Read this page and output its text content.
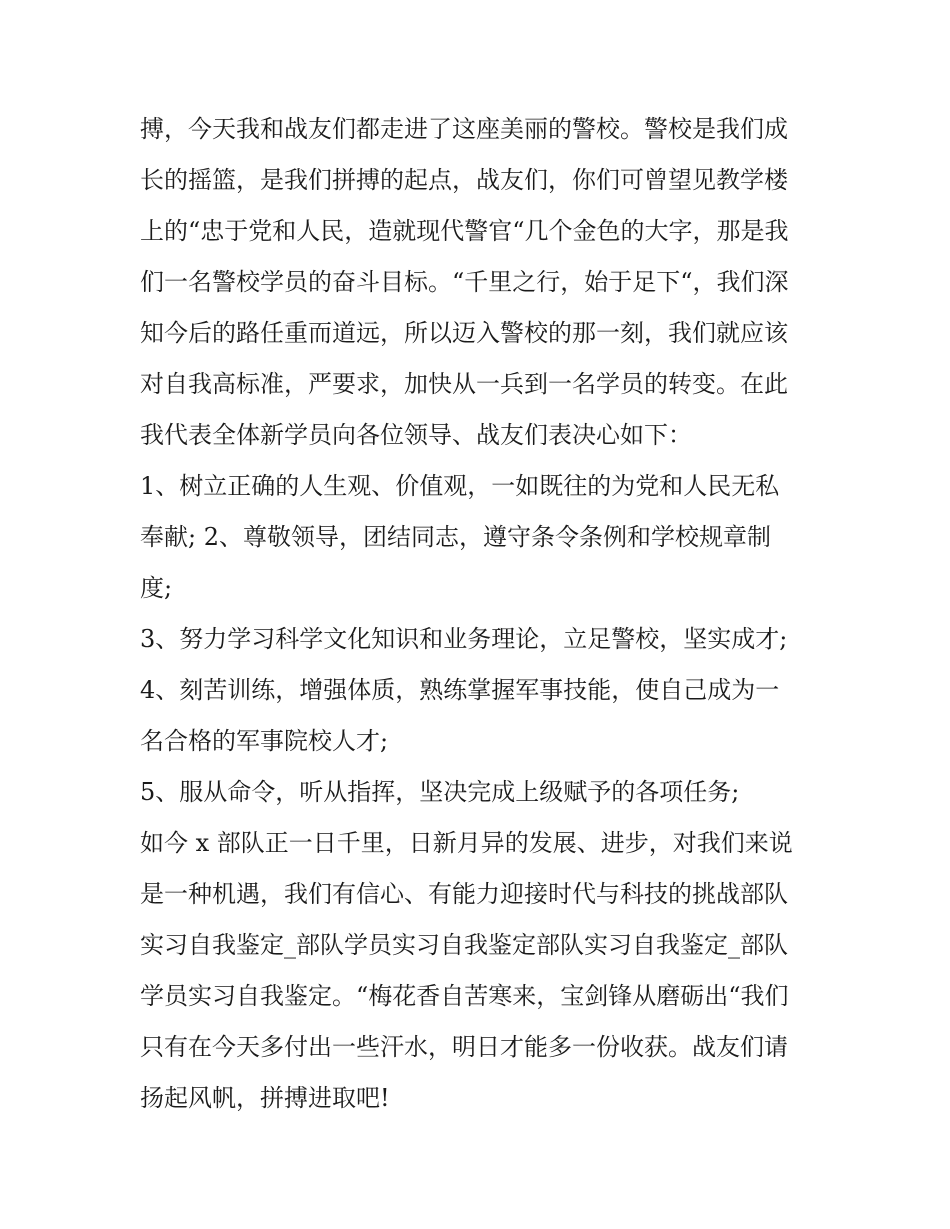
搏，今天我和战友们都走进了这座美丽的警校。警校是我们成
长的摇篮，是我们拼搏的起点，战友们，你们可曾望见教学楼
上的“忠于党和人民，造就现代警官“几个金色的大字，那是我
们一名警校学员的奋斗目标。“千里之行，始于足下“，我们深
知今后的路任重而道远，所以迈入警校的那一刻，我们就应该
对自我高标准，严要求，加快从一兵到一名学员的转变。在此
我代表全体新学员向各位领导、战友们表决心如下：
1、树立正确的人生观、价值观，一如既往的为党和人民无私
奉献; 2、尊敬领导，团结同志，遵守条令条例和学校规章制
度;
3、努力学习科学文化知识和业务理论，立足警校，坚实成才;
4、刻苦训练，增强体质，熟练掌握军事技能，使自己成为一
名合格的军事院校人才;
5、服从命令，听从指挥，坚决完成上级赋予的各项任务;
如今 x 部队正一日千里，日新月异的发展、进步，对我们来说
是一种机遇，我们有信心、有能力迎接时代与科技的挑战部队
实习自我鉴定_部队学员实习自我鉴定部队实习自我鉴定_部队
学员实习自我鉴定。“梅花香自苦寒来，宝剑锋从磨砺出“我们
只有在今天多付出一些汗水，明日才能多一份收获。战友们请
扬起风帆，拼搏进取吧!
